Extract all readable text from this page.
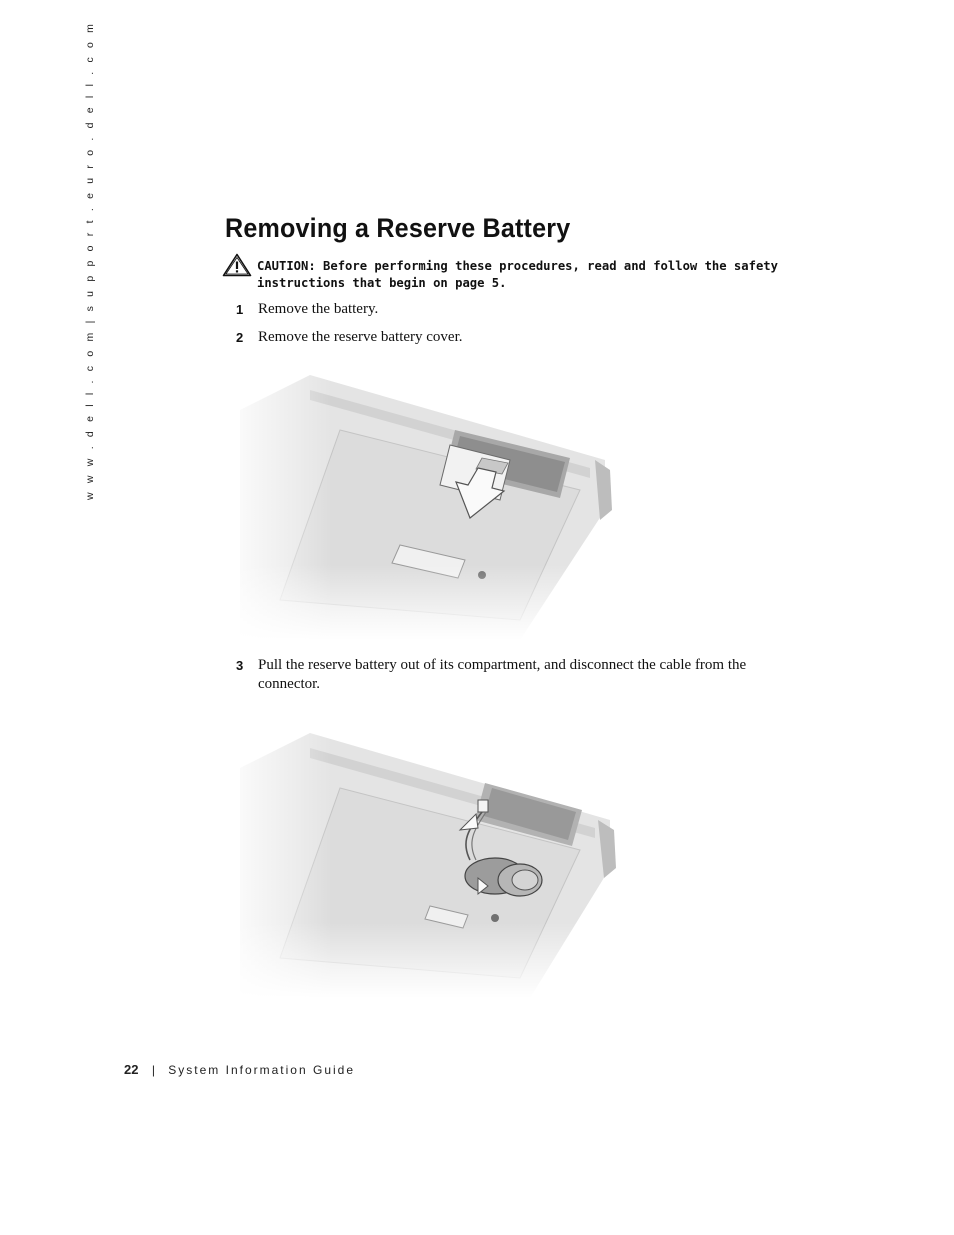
w w w . d e l l . c o m | s u p p o r t . e u r o . d e l l . c o m	Removing a Reserve Battery
CAUTION: Before performing these procedures, read and follow the safety instructions that begin on page 5.
1 Remove the battery.
2 Remove the reserve battery cover.
3 Pull the reserve battery out of its compartment, and disconnect the cable from the connector.
22 | System Information Guide
